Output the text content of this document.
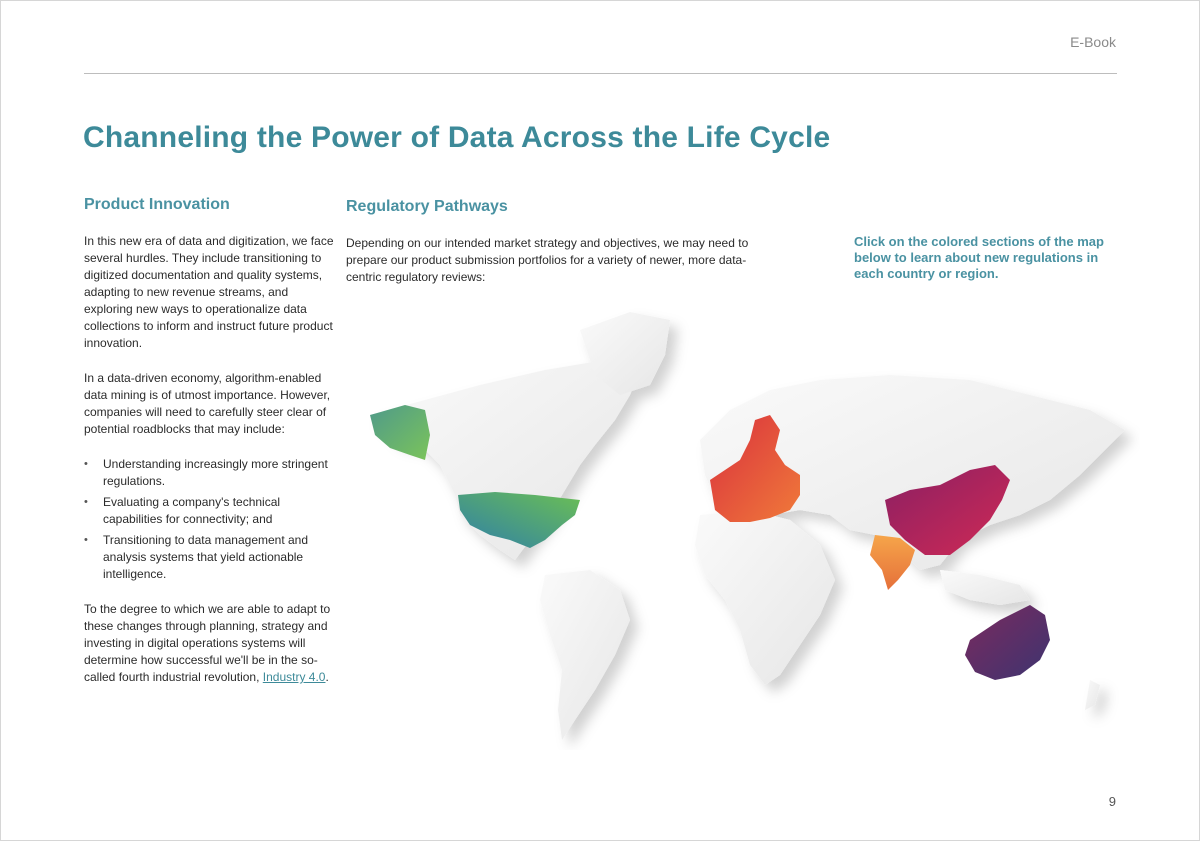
E-Book
Channeling the Power of Data Across the Life Cycle
Product Innovation

In this new era of data and digitization, we face several hurdles. They include transitioning to digitized documentation and quality systems, adapting to new revenue streams, and exploring new ways to operationalize data collections to inform and instruct future product innovation.

In a data-driven economy, algorithm-enabled data mining is of utmost importance. However, companies will need to carefully steer clear of potential roadblocks that may include:

• Understanding increasingly more stringent regulations.
• Evaluating a company's technical capabilities for connectivity; and
• Transitioning to data management and analysis systems that yield actionable intelligence.

To the degree to which we are able to adapt to these changes through planning, strategy and investing in digital operations systems will determine how successful we'll be in the so-called fourth industrial revolution, Industry 4.0.

Regulatory Pathways

Depending on our intended market strategy and objectives, we may need to prepare our product submission portfolios for a variety of newer, more data-centric regulatory reviews:

Click on the colored sections of the map below to learn about new regulations in each country or region.

9
